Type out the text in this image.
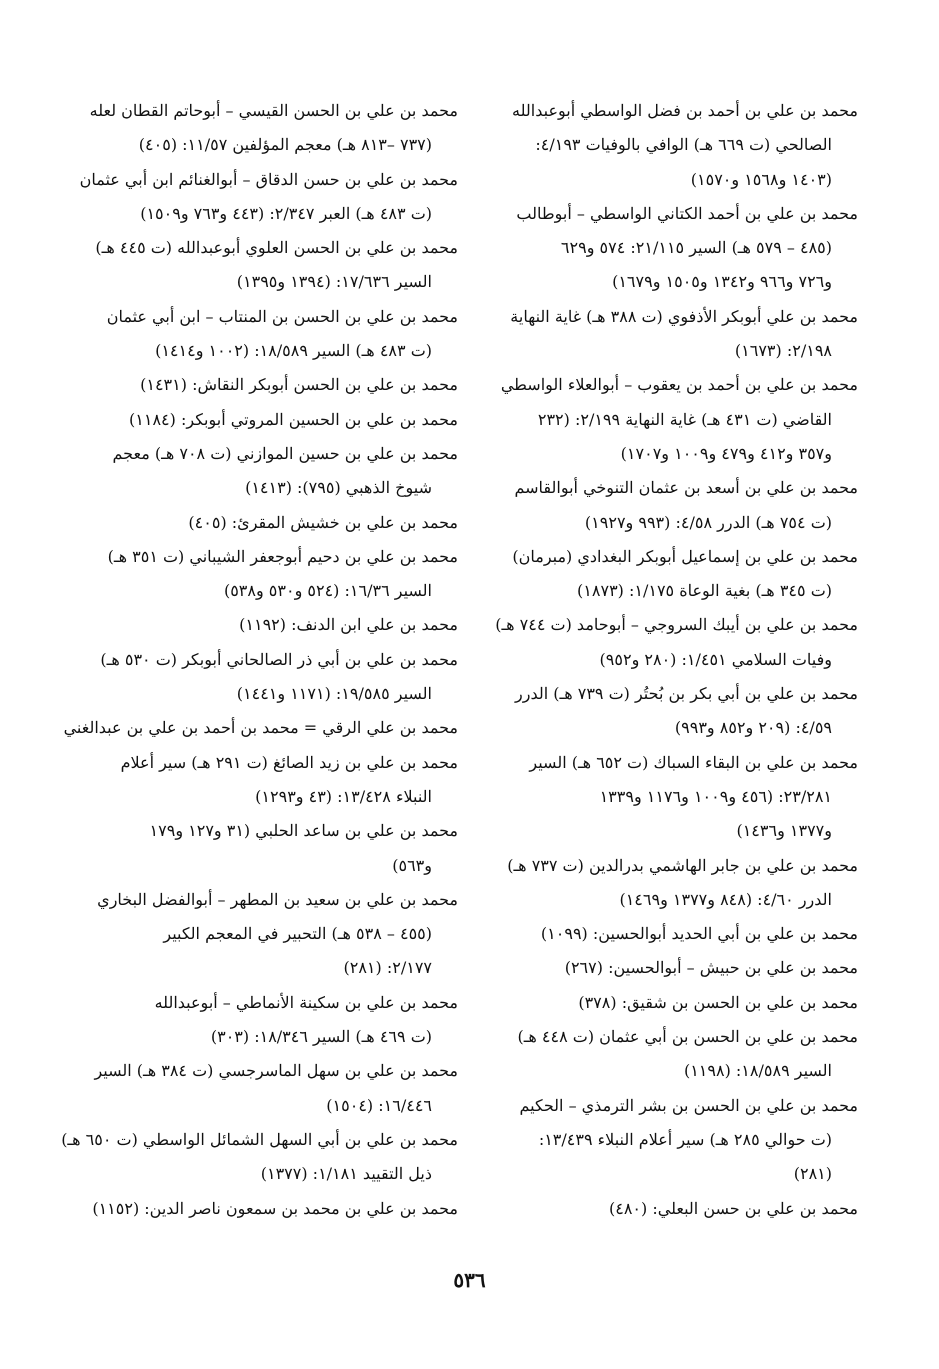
محمد بن علي بن أحمد بن فضل الواسطي أبوعبدالله
الصالحي (ت ٦٦٩ هـ) الوافي بالوفيات ٤/١٩٣:
(١٤٠٣ و١٥٦٨ و١٥٧٠)
محمد بن علي بن أحمد الكتاني الواسطي – أبوطالب
(٤٨٥ – ٥٧٩ هـ) السير ٢١/١١٥: ٥٧٤ و٦٢٩
و٧٢٦ و٩٦٦ و١٣٤٢ و١٥٠٥ و١٦٧٩)
محمد بن علي أبوبكر الأذفوي (ت ٣٨٨ هـ) غاية النهاية
٢/١٩٨: (١٦٧٣)
محمد بن علي بن أحمد بن يعقوب – أبوالعلاء الواسطي
القاضي (ت ٤٣١ هـ) غاية النهاية ٢/١٩٩: (٢٣٢
و٣٥٧ و٤١٢ و٤٧٩ و١٠٠٩ و١٧٠٧)
محمد بن علي بن أسعد بن عثمان التنوخي أبوالقاسم
(ت ٧٥٤ هـ) الدرر ٤/٥٨: (٩٩٣ و١٩٢٧)
محمد بن علي بن إسماعيل أبوبكر البغدادي (مبرمان)
(ت ٣٤٥ هـ) بغية الوعاة ١/١٧٥: (١٨٧٣)
محمد بن علي بن أيبك السروجي – أبوحامد (ت ٧٤٤ هـ)
وفيات السلامي ١/٤٥١: (٢٨٠ و٩٥٢)
محمد بن علي بن أبي بكر بن بُحتُر (ت ٧٣٩ هـ) الدرر
٤/٥٩: (٢٠٩ و٨٥٢ و٩٩٣)
محمد بن علي بن البقاء السباك (ت ٦٥٢ هـ) السير
٢٣/٢٨١: (٤٥٦ و١٠٠٩ و١١٧٦ و١٣٣٩
و١٣٧٧ و١٤٣٦)
محمد بن علي بن جابر الهاشمي بدرالدين (ت ٧٣٧ هـ)
الدرر ٤/٦٠: (٨٤٨ و١٣٧٧ و١٤٦٩)
محمد بن علي بن أبي الحديد أبوالحسين: (١٠٩٩)
محمد بن علي بن حبيش – أبوالحسين: (٢٦٧)
محمد بن علي بن الحسن بن شقيق: (٣٧٨)
محمد بن علي بن الحسن بن أبي عثمان (ت ٤٤٨ هـ)
السير ١٨/٥٨٩: (١١٩٨)
محمد بن علي بن الحسن بن بشر الترمذي – الحكيم
(ت حوالي ٢٨٥ هـ) سير أعلام النبلاء ١٣/٤٣٩:
(٢٨١)
محمد بن علي بن حسن البعلي: (٤٨٠)
محمد بن علي بن الحسن القيسي – أبوحاتم القطان لعله
(٧٣٧ –٨١٣ هـ) معجم المؤلفين ١١/٥٧: (٤٠٥)
محمد بن علي بن حسن الدقاق – أبوالغنائم ابن أبي عثمان
(ت ٤٨٣ هـ) العبر ٢/٣٤٧: (٤٤٣ و٧٦٣ و١٥٠٩)
محمد بن علي بن الحسن العلوي أبوعبدالله (ت ٤٤٥ هـ)
السير ١٧/٦٣٦: (١٣٩٤ و١٣٩٥)
محمد بن علي بن الحسن بن المنتاب – ابن أبي عثمان
(ت ٤٨٣ هـ) السير ١٨/٥٨٩: (١٠٠٢ و١٤١٤)
محمد بن علي بن الحسن أبوبكر النقاش: (١٤٣١)
محمد بن علي بن الحسين المروتي أبوبكر: (١١٨٤)
محمد بن علي بن حسين الموازني (ت ٧٠٨ هـ) معجم
شيوخ الذهبي (٧٩٥): (١٤١٣)
محمد بن علي بن خشيش المقرئ: (٤٠٥)
محمد بن علي بن دحيم أبوجعفر الشيباني (ت ٣٥١ هـ)
السير ١٦/٣٦: (٥٢٤ و٥٣٠ و٥٣٨)
محمد بن علي ابن الدنف: (١١٩٢)
محمد بن علي بن أبي ذر الصالحاني أبوبكر (ت ٥٣٠ هـ)
السير ١٩/٥٨٥: (١١٧١ و١٤٤١)
محمد بن علي الرقي = محمد بن أحمد بن علي بن عبدالغني
محمد بن علي بن زيد الصائغ (ت ٢٩١ هـ) سير أعلام
النبلاء ١٣/٤٢٨: (٤٣ و١٢٩٣)
محمد بن علي بن ساعد الحلبي (٣١ و١٢٧ و١٧٩
و٥٦٣)
محمد بن علي بن سعيد بن المطهر – أبوالفضل البخاري
(٤٥٥ – ٥٣٨ هـ) التحبير في المعجم الكبير
٢/١٧٧: (٢٨١)
محمد بن علي بن سكينة الأنماطي – أبوعبدالله
(ت ٤٦٩ هـ) السير ١٨/٣٤٦: (٣٠٣)
محمد بن علي بن سهل الماسرجسي (ت ٣٨٤ هـ) السير
١٦/٤٤٦: (١٥٠٤)
محمد بن علي بن أبي السهل الشمائل الواسطي (ت ٦٥٠ هـ)
ذيل التقييد ١/١٨١: (١٣٧٧)
محمد بن علي بن محمد بن سمعون ناصر الدين: (١١٥٢)
٥٣٦
